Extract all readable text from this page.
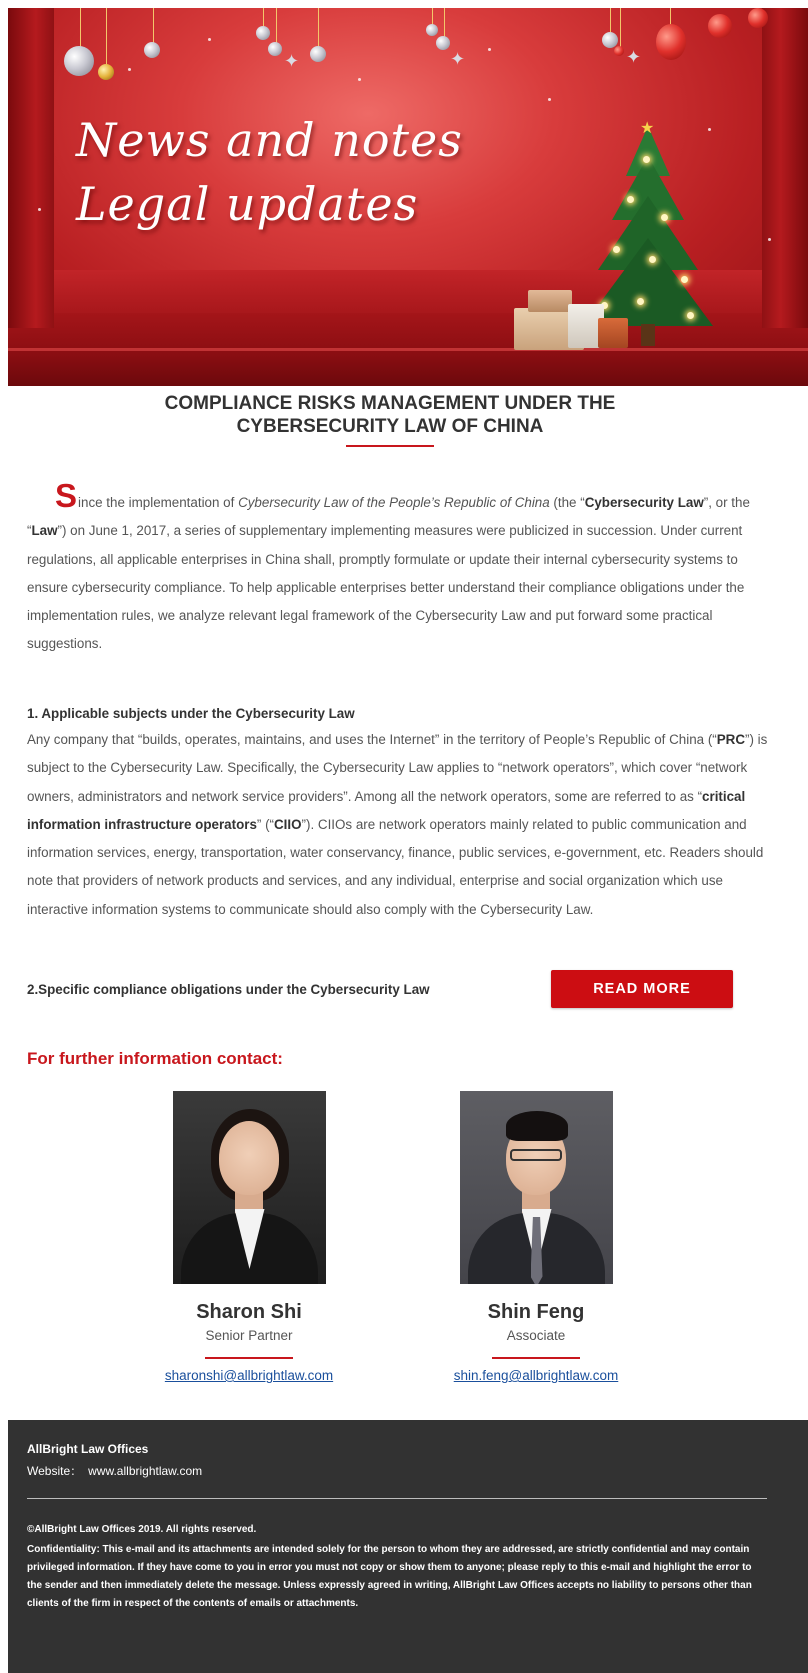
✦	✦	✦
News and notes
Legal updates
★
COMPLIANCE RISKS MANAGEMENT UNDER THE
CYBERSECURITY LAW OF CHINA

Since the implementation of Cybersecurity Law of the People’s Republic of China (the “Cybersecurity Law”, or the “Law”) on June 1, 2017, a series of supplementary implementing measures were publicized in succession. Under current regulations, all applicable enterprises in China shall, promptly formulate or update their internal cybersecurity systems to ensure cybersecurity compliance. To help applicable enterprises better understand their compliance obligations under the implementation rules, we analyze relevant legal framework of the Cybersecurity Law and put forward some practical suggestions.

1. Applicable subjects under the Cybersecurity Law

Any company that “builds, operates, maintains, and uses the Internet” in the territory of People’s Republic of China (“PRC”) is subject to the Cybersecurity Law. Specifically, the Cybersecurity Law applies to “network operators”, which cover “network owners, administrators and network service providers”. Among all the network operators, some are referred to as “critical information infrastructure operators” (“CIIO”). CIIOs are network operators mainly related to public communication and information services, energy, transportation, water conservancy, finance, public services, e-government, etc. Readers should note that providers of network products and services, and any individual, enterprise and social organization which use interactive information systems to communicate should also comply with the Cybersecurity Law.

2.Specific compliance obligations under the Cybersecurity Law	READ MORE
For further information contact:
Sharon Shi
Senior Partner
sharonshi@allbrightlaw.com
Shin Feng
Associate
shin.feng@allbrightlaw.com

AllBright Law Offices

Website： www.allbrightlaw.com

©AllBright Law Offices 2019. All rights reserved.

Confidentiality: This e-mail and its attachments are intended solely for the person to whom they are addressed, are strictly confidential and may contain privileged information. If they have come to you in error you must not copy or show them to anyone; please reply to this e-mail and highlight the error to the sender and then immediately delete the message. Unless expressly agreed in writing, AllBright Law Offices accepts no liability to persons other than clients of the firm in respect of the contents of emails or attachments.
